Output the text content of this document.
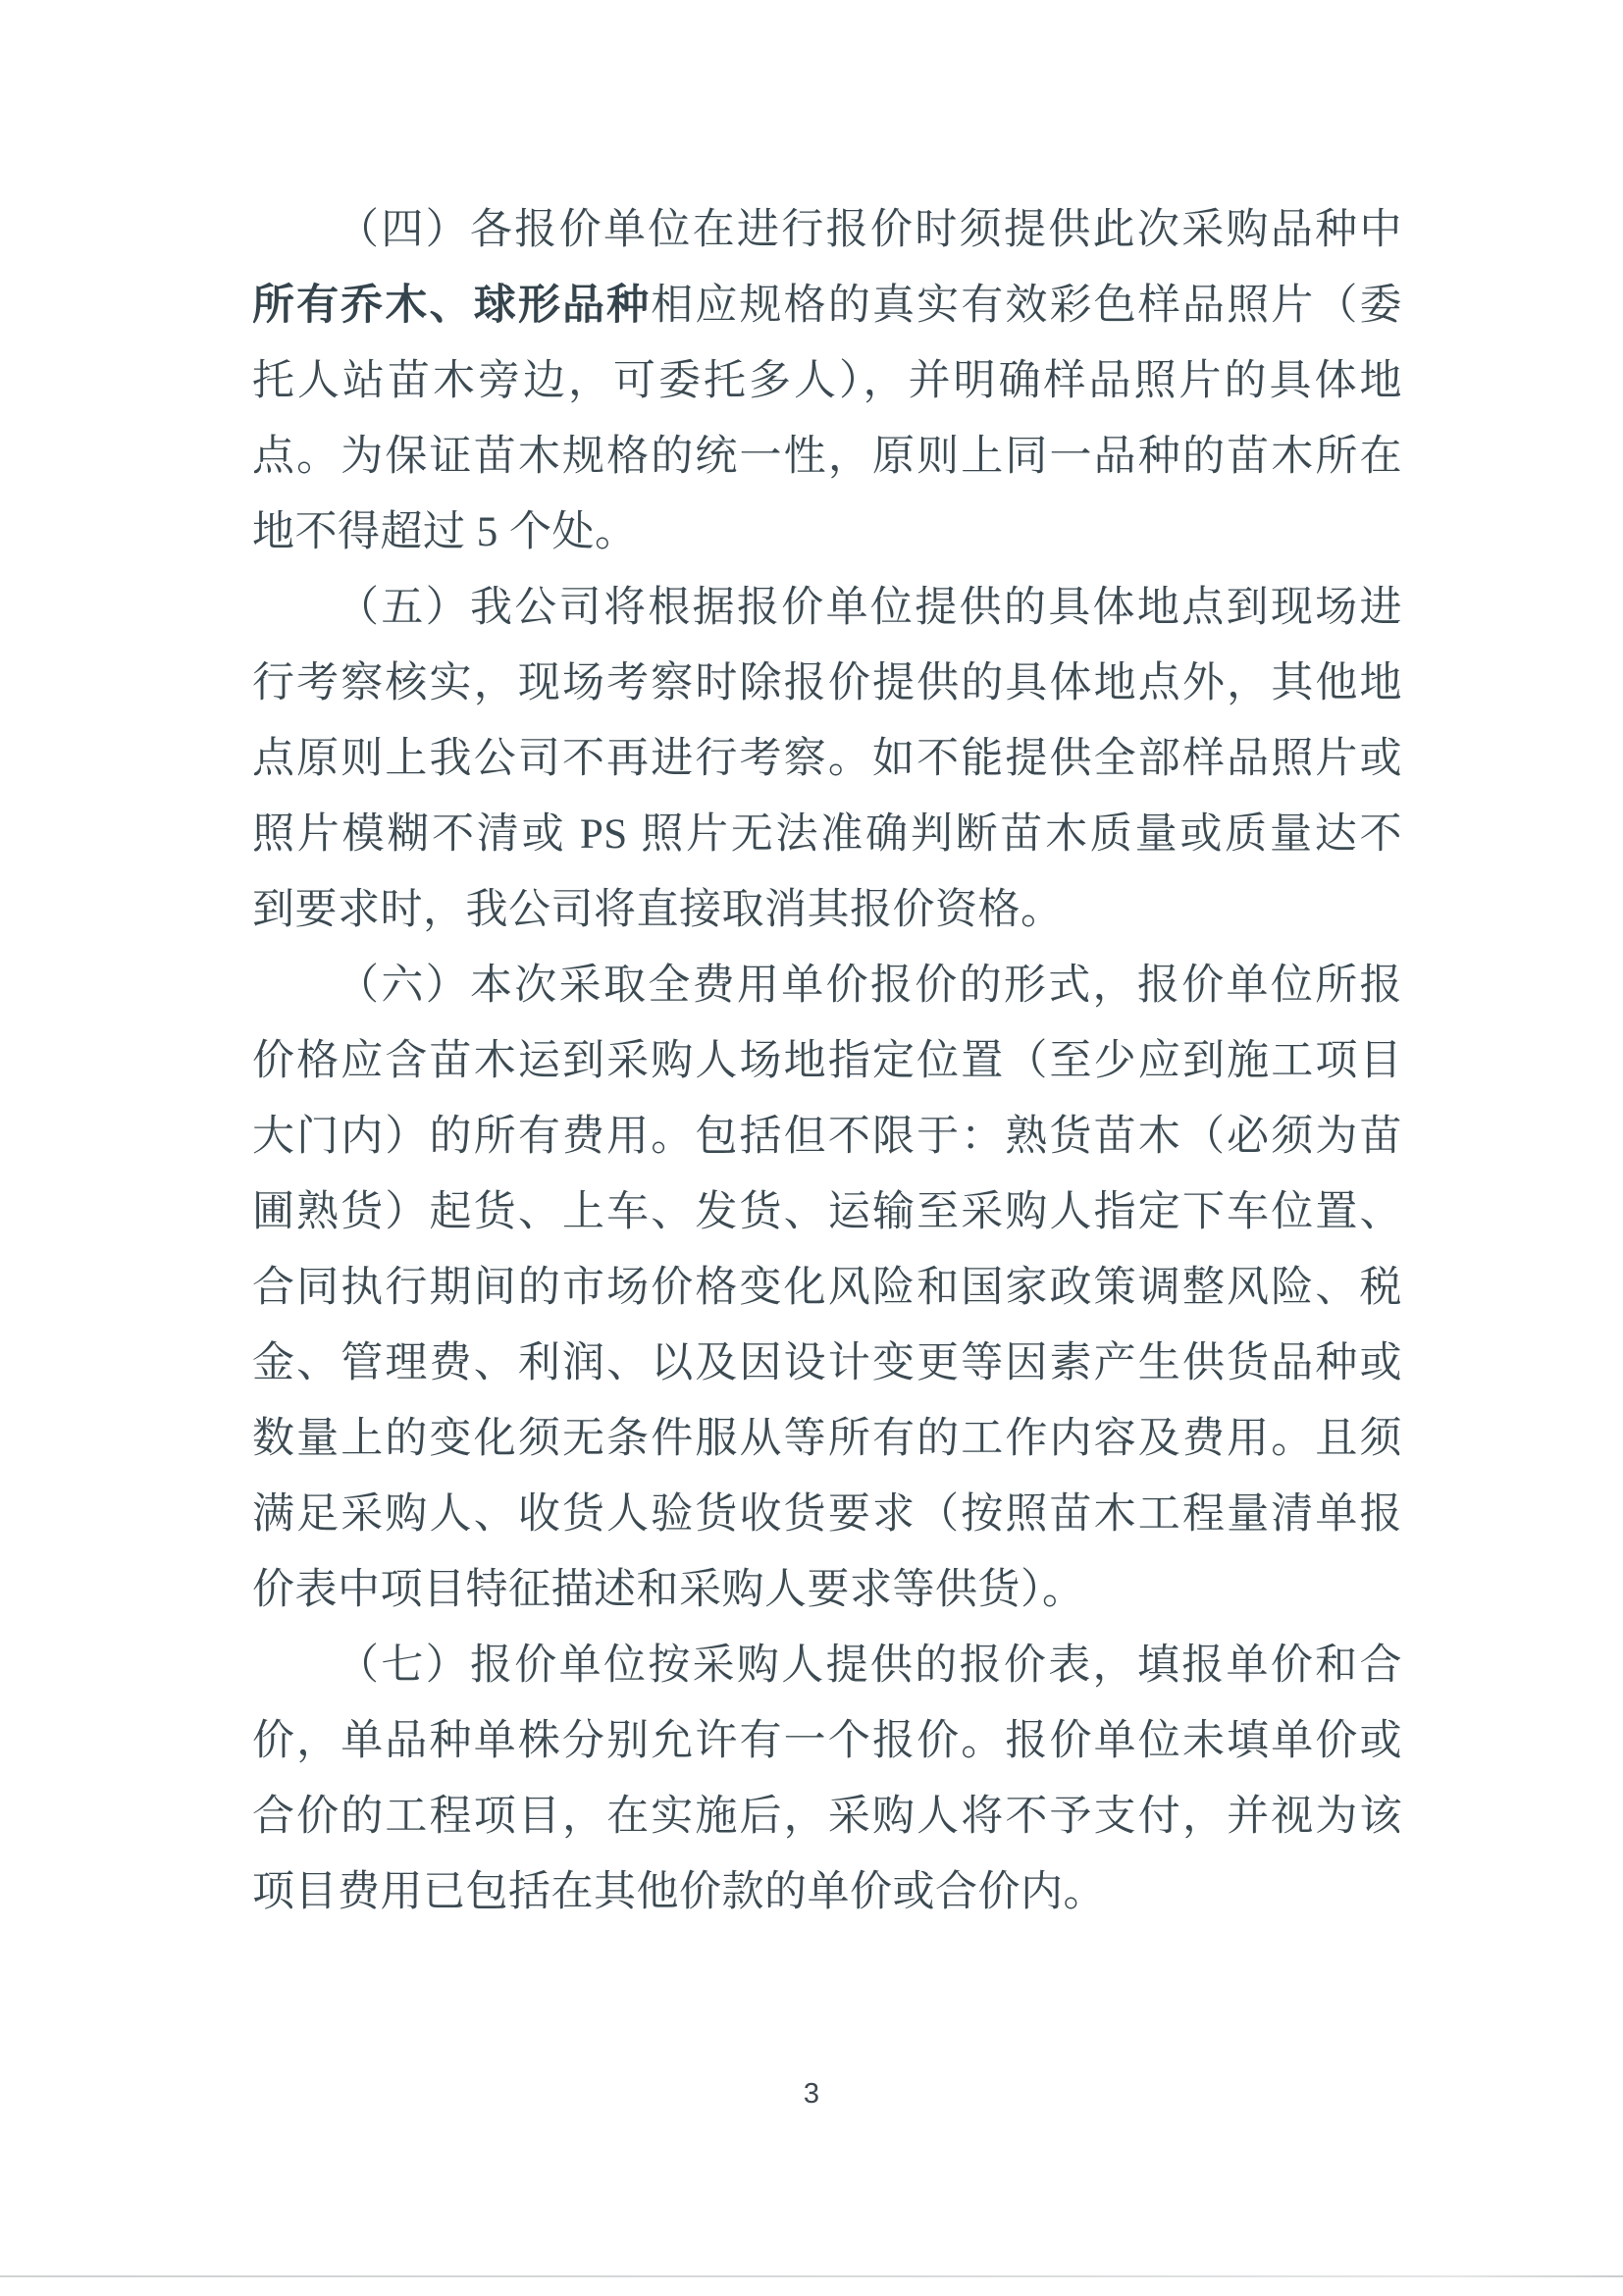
（四）各报价单位在进行报价时须提供此次采购品种中
所有乔木、球形品种相应规格的真实有效彩色样品照片（委
托人站苗木旁边，可委托多人），并明确样品照片的具体地
点。为保证苗木规格的统一性，原则上同一品种的苗木所在
地不得超过 5 个处。
（五）我公司将根据报价单位提供的具体地点到现场进
行考察核实，现场考察时除报价提供的具体地点外，其他地
点原则上我公司不再进行考察。如不能提供全部样品照片或
照片模糊不清或 PS 照片无法准确判断苗木质量或质量达不
到要求时，我公司将直接取消其报价资格。
（六）本次采取全费用单价报价的形式，报价单位所报
价格应含苗木运到采购人场地指定位置（至少应到施工项目
大门内）的所有费用。包括但不限于：熟货苗木（必须为苗
圃熟货）起货、上车、发货、运输至采购人指定下车位置、
合同执行期间的市场价格变化风险和国家政策调整风险、税
金、管理费、利润、以及因设计变更等因素产生供货品种或
数量上的变化须无条件服从等所有的工作内容及费用。且须
满足采购人、收货人验货收货要求（按照苗木工程量清单报
价表中项目特征描述和采购人要求等供货）。
（七）报价单位按采购人提供的报价表，填报单价和合
价，单品种单株分别允许有一个报价。报价单位未填单价或
合价的工程项目，在实施后，采购人将不予支付，并视为该
项目费用已包括在其他价款的单价或合价内。
3
